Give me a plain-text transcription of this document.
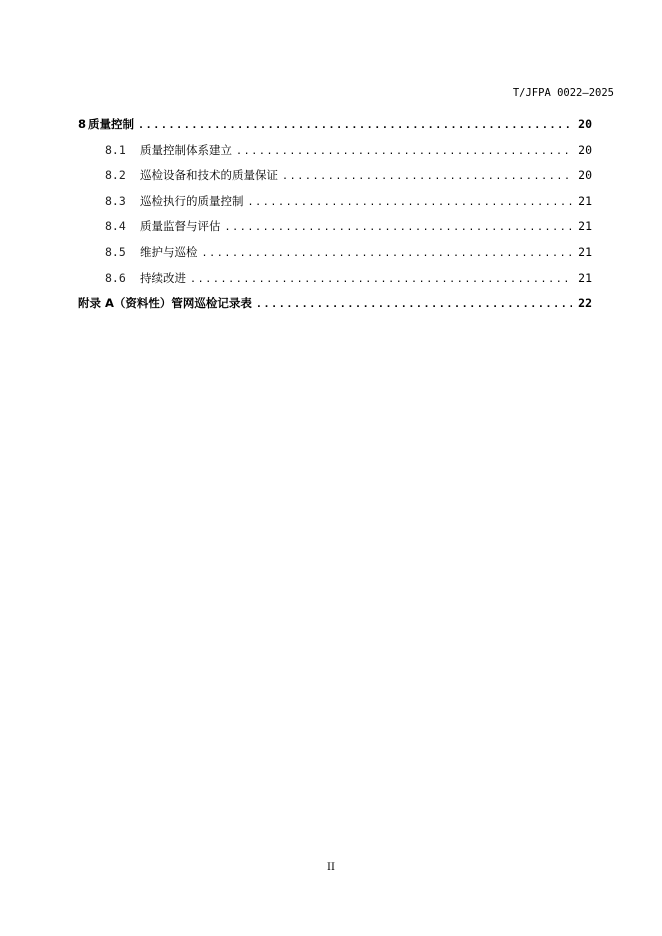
T/JFPA 0022—2025
8 质量控制 .....	20
8.1	质量控制体系建立 .....	20
8.2	巡检设备和技术的质量保证 .....	20
8.3	巡检执行的质量控制 .....	21
8.4	质量监督与评估 .....	21
8.5	维护与巡检 .....	21
8.6	持续改进 .....	21
附录 A（资料性）管网巡检记录表 .....	22
II
